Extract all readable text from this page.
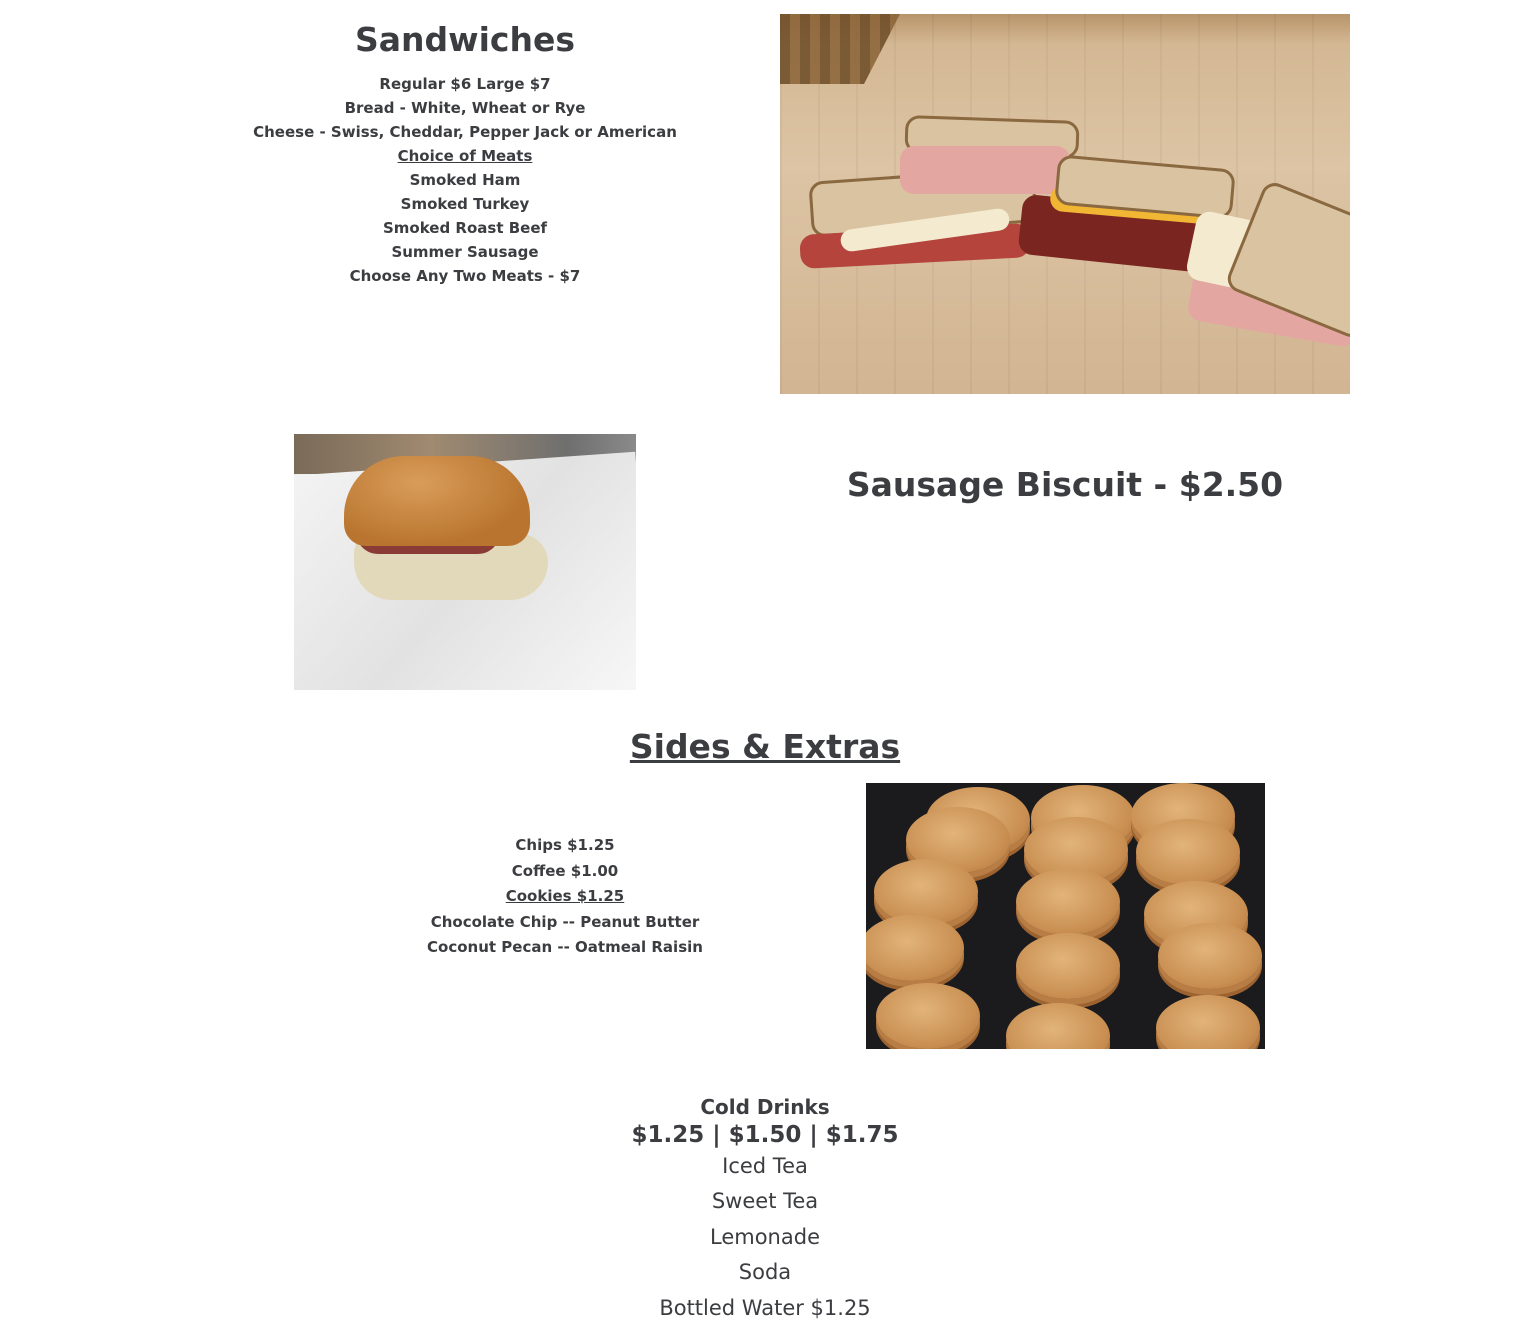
Sandwiches
Regular $6 Large $7
Bread - White, Wheat or Rye
Cheese - Swiss, Cheddar, Pepper Jack or American
Choice of Meats
Smoked Ham
Smoked Turkey
Smoked Roast Beef
Summer Sausage
Choose Any Two Meats - $7
Sausage Biscuit - $2.50
Sides & Extras
Chips $1.25
Coffee $1.00
Cookies $1.25
Chocolate Chip -- Peanut Butter
Coconut Pecan -- Oatmeal Raisin
Cold Drinks
$1.25 | $1.50 | $1.75
Iced Tea
Sweet Tea
Lemonade
Soda
Bottled Water $1.25
